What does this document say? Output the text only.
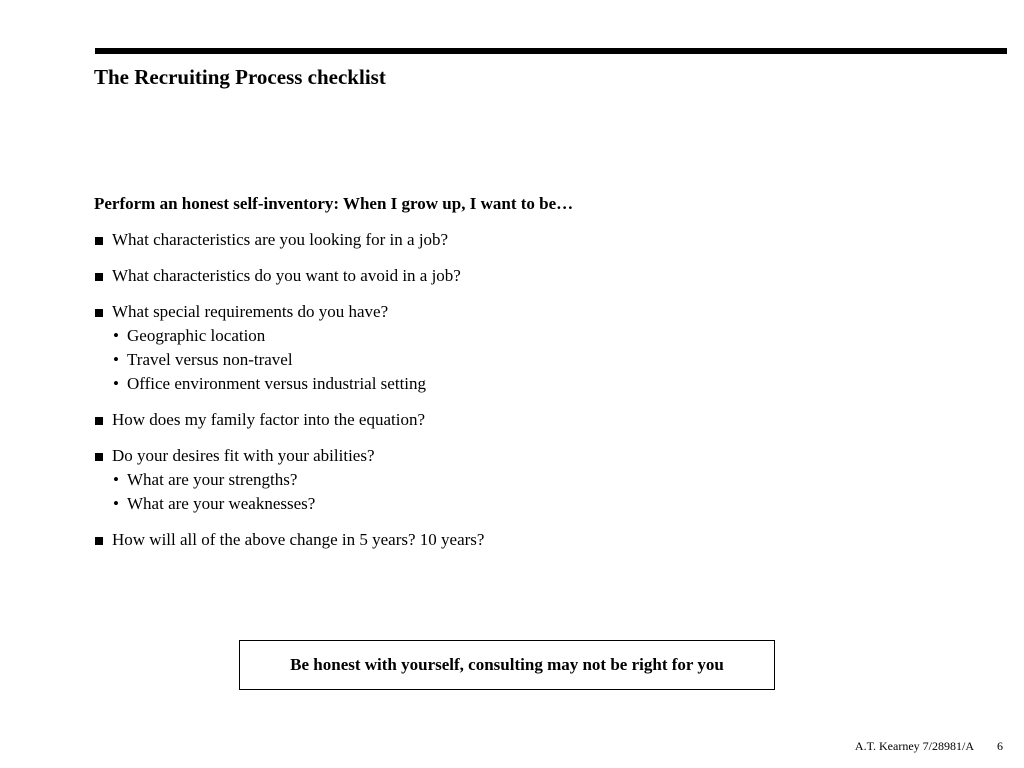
The Recruiting Process checklist

Perform an honest self-inventory: When I grow up, I want to be…

What characteristics are you looking for in a job?
What characteristics do you want to avoid in a job?
What special requirements do you have?
• Geographic location
• Travel versus non-travel
• Office environment versus industrial setting
How does my family factor into the equation?
Do your desires fit with your abilities?
• What are your strengths?
• What are your weaknesses?
How will all of the above change in 5 years? 10 years?
Be honest with yourself, consulting may not be right for you
A.T. Kearney 7/28981/A 6
